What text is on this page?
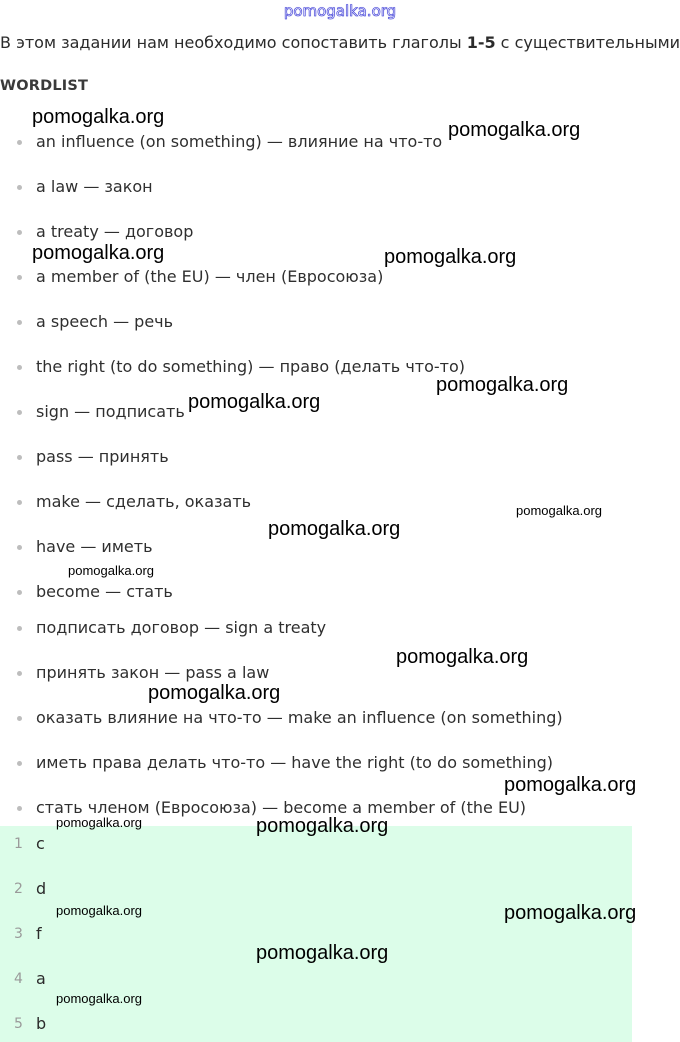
pomogalka.org
В этом задании нам необходимо сопоставить глаголы 1-5 с существительными
WORDLIST
an influence (on something) — влияние на что-то
a law — закон
a treaty — договор
a member of (the EU) — член (Евросоюза)
a speech — речь
the right (to do something) — право (делать что-то)
sign — подписать
pass — принять
make — сделать, оказать
have — иметь
become — стать
подписать договор — sign a treaty
принять закон — pass a law
оказать влияние на что-то — make an influence (on something)
иметь права делать что-то — have the right (to do something)
стать членом (Евросоюза) — become a member of (the EU)
1 c
2 d
3 f
4 a
5 b
pomogalka.org
pomogalka.org
pomogalka.org	pomogalka.org
pomogalka.org
pomogalka.org
pomogalka.org
pomogalka.org
pomogalka.org
pomogalka.org
pomogalka.org
pomogalka.org
pomogalka.org	pomogalka.org
pomogalka.org	pomogalka.org
pomogalka.org
pomogalka.org
